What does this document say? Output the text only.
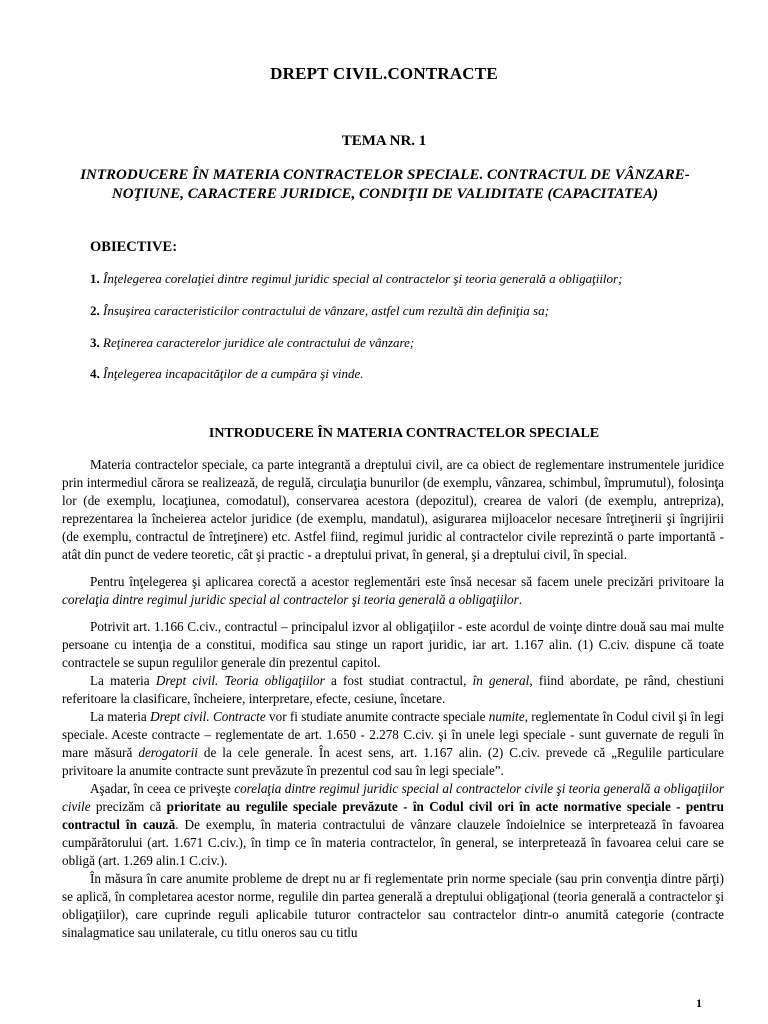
DREPT CIVIL.CONTRACTE
TEMA NR. 1
INTRODUCERE ÎN MATERIA CONTRACTELOR SPECIALE. CONTRACTUL DE VÂNZARE-NOŢIUNE, CARACTERE JURIDICE, CONDIŢII DE VALIDITATE (CAPACITATEA)
OBIECTIVE:
1. Înţelegerea corelaţiei dintre regimul juridic special al contractelor şi teoria generală a obligaţiilor;
2. Însuşirea caracteristicilor contractului de vânzare, astfel cum rezultă din definiţia sa;
3. Reţinerea caracterelor juridice ale contractului de vânzare;
4. Înţelegerea incapacităţilor de a cumpăra şi vinde.
INTRODUCERE ÎN MATERIA CONTRACTELOR SPECIALE

Materia contractelor speciale, ca parte integrantă a dreptului civil, are ca obiect de reglementare instrumentele juridice prin intermediul cărora se realizează, de regulă, circulaţia bunurilor (de exemplu, vânzarea, schimbul, împrumutul), folosinţa lor (de exemplu, locaţiunea, comodatul), conservarea acestora (depozitul), crearea de valori (de exemplu, antrepriza), reprezentarea la încheierea actelor juridice (de exemplu, mandatul), asigurarea mijloacelor necesare întreţinerii şi îngrijirii (de exemplu, contractul de întreţinere) etc. Astfel fiind, regimul juridic al contractelor civile reprezintă o parte importantă - atât din punct de vedere teoretic, cât şi practic - a dreptului privat, în general, şi a dreptului civil, în special.

Pentru înţelegerea şi aplicarea corectă a acestor reglementări este însă necesar să facem unele precizări privitoare la corelaţia dintre regimul juridic special al contractelor şi teoria generală a obligaţiilor.

Potrivit art. 1.166 C.civ., contractul – principalul izvor al obligaţiilor - este acordul de voinţe dintre două sau mai multe persoane cu intenţia de a constitui, modifica sau stinge un raport juridic, iar art. 1.167 alin. (1) C.civ. dispune că toate contractele se supun regulilor generale din prezentul capitol.

La materia Drept civil. Teoria obligaţiilor a fost studiat contractul, în general, fiind abordate, pe rând, chestiuni referitoare la clasificare, încheiere, interpretare, efecte, cesiune, încetare.

La materia Drept civil. Contracte vor fi studiate anumite contracte speciale numite, reglementate în Codul civil şi în legi speciale. Aceste contracte – reglementate de art. 1.650 - 2.278 C.civ. şi în unele legi speciale - sunt guvernate de reguli în mare măsură derogatorii de la cele generale. În acest sens, art. 1.167 alin. (2) C.civ. prevede că „Regulile particulare privitoare la anumite contracte sunt prevăzute în prezentul cod sau în legi speciale”.

Aşadar, în ceea ce priveşte corelaţia dintre regimul juridic special al contractelor civile şi teoria generală a obligaţiilor civile precizăm că prioritate au regulile speciale prevăzute - în Codul civil ori în acte normative speciale - pentru contractul în cauză. De exemplu, în materia contractului de vânzare clauzele îndoielnice se interpretează în favoarea cumpărătorului (art. 1.671 C.civ.), în timp ce în materia contractelor, în general, se interpretează în favoarea celui care se obligă (art. 1.269 alin.1 C.civ.).

În măsura în care anumite probleme de drept nu ar fi reglementate prin norme speciale (sau prin convenţia dintre părţi) se aplică, în completarea acestor norme, regulile din partea generală a dreptului obligaţional (teoria generală a contractelor şi obligaţiilor), care cuprinde reguli aplicabile tuturor contractelor sau contractelor dintr-o anumită categorie (contracte sinalagmatice sau unilaterale, cu titlu oneros sau cu titlu

1
